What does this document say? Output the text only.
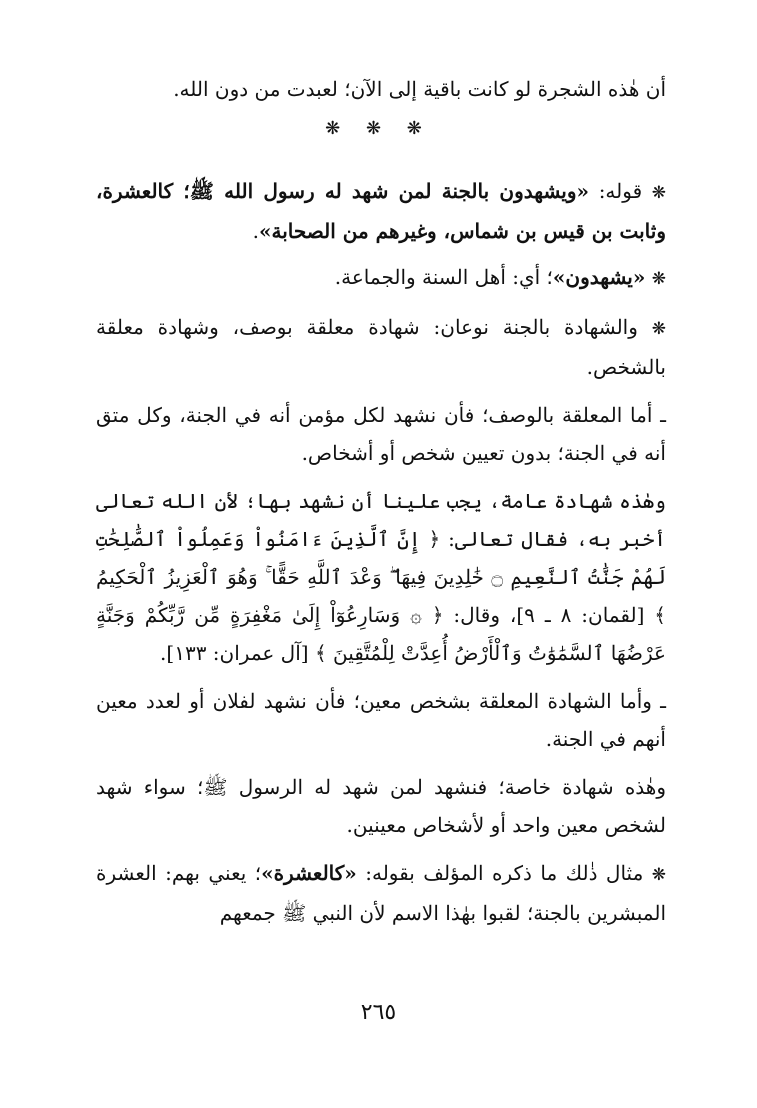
أن هٰذه الشجرة لو كانت باقية إلى الآن؛ لعبدت من دون الله.

❋ ❋ ❋

❋ قوله: «ويشهدون بالجنة لمن شهد له رسول الله ﷺ؛ كالعشرة، وثابت بن قيس بن شماس، وغيرهم من الصحابة».

❋ «يشهدون»؛ أي: أهل السنة والجماعة.

❋ والشهادة بالجنة نوعان: شهادة معلقة بوصف، وشهادة معلقة بالشخص.

ـ أما المعلقة بالوصف؛ فأن نشهد لكل مؤمن أنه في الجنة، وكل متق أنه في الجنة؛ بدون تعيين شخص أو أشخاص.

وهٰذه شهادة عامة، يجب علينا أن نشهد بها؛ لأن الله تعالى أخبر به، فقال تعالى: ﴿ إِنَّ ٱلَّذِينَ ءَامَنُواْ وَعَمِلُواْ ٱلصَّٰلِحَٰتِ لَهُمْ جَنَّٰتُ ٱلنَّعِيمِ ۝ خَٰلِدِينَ فِيهَا ۖ وَعْدَ ٱللَّهِ حَقًّا ۚ وَهُوَ ٱلْعَزِيزُ ٱلْحَكِيمُ ﴾ [لقمان: ٨ ـ ٩]، وقال: ﴿ ۞ وَسَارِعُوٓاْ إِلَىٰ مَغْفِرَةٍ مِّن رَّبِّكُمْ وَجَنَّةٍ عَرْضُهَا ٱلسَّمَٰوَٰتُ وَٱلْأَرْضُ أُعِدَّتْ لِلْمُتَّقِينَ ﴾ [آل عمران: ١٣٣].

ـ وأما الشهادة المعلقة بشخص معين؛ فأن نشهد لفلان أو لعدد معين أنهم في الجنة.

وهٰذه شهادة خاصة؛ فنشهد لمن شهد له الرسول ﷺ؛ سواء شهد لشخص معين واحد أو لأشخاص معينين.

❋ مثال ذٰلك ما ذكره المؤلف بقوله: «كالعشرة»؛ يعني بهم: العشرة المبشرين بالجنة؛ لقبوا بهٰذا الاسم لأن النبي ﷺ جمعهم

٢٦٥
